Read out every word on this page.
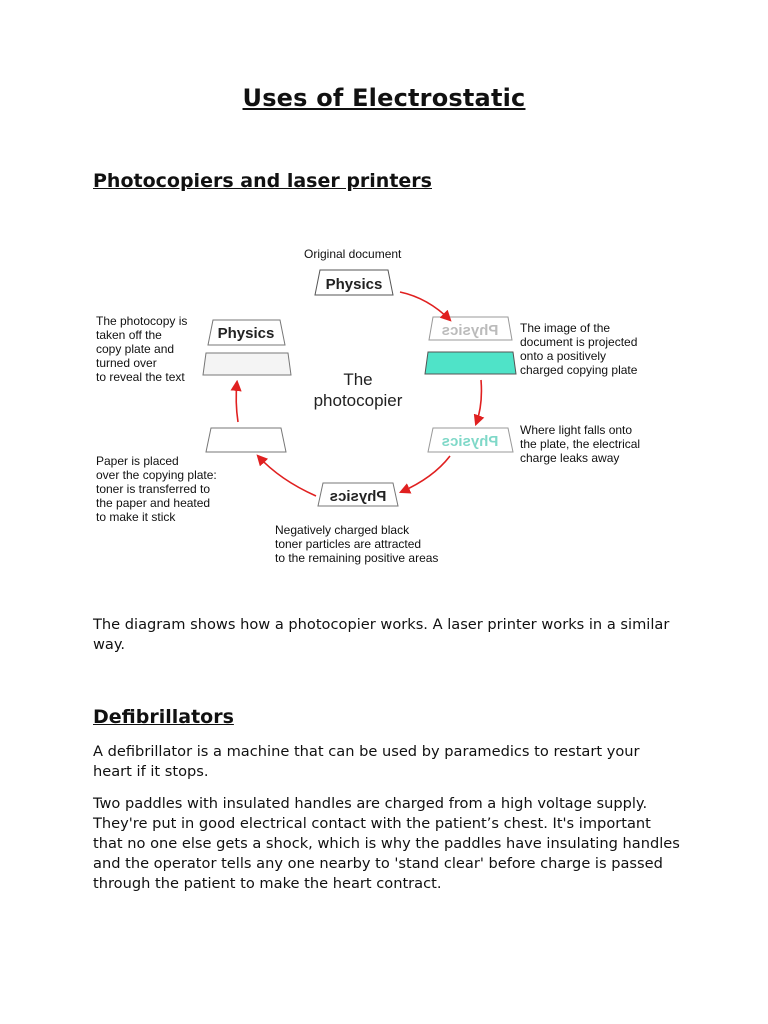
Uses of Electrostatic
Photocopiers and laser printers
The
photocopier
Physics
Physics
Physics
Physics
Physics
Original document
The image of the document is projected onto a positively charged copying plate
Where light falls onto the plate, the electrical charge leaks away
Negatively charged black toner particles are attracted to the remaining positive areas
Paper is placed over the copying plate: toner is transferred to the paper and heated to make it stick
The photocopy is taken off the copy plate and turned over to reveal the text
The diagram shows how a photocopier works. A laser printer works in a similar way.
Defibrillators
A defibrillator is a machine that can be used by paramedics to restart your heart if it stops.
Two paddles with insulated handles are charged from a high voltage supply. They're put in good electrical contact with the patient’s chest. It's important that no one else gets a shock, which is why the paddles have insulating handles and the operator tells any one nearby to 'stand clear' before charge is passed through the patient to make the heart contract.
